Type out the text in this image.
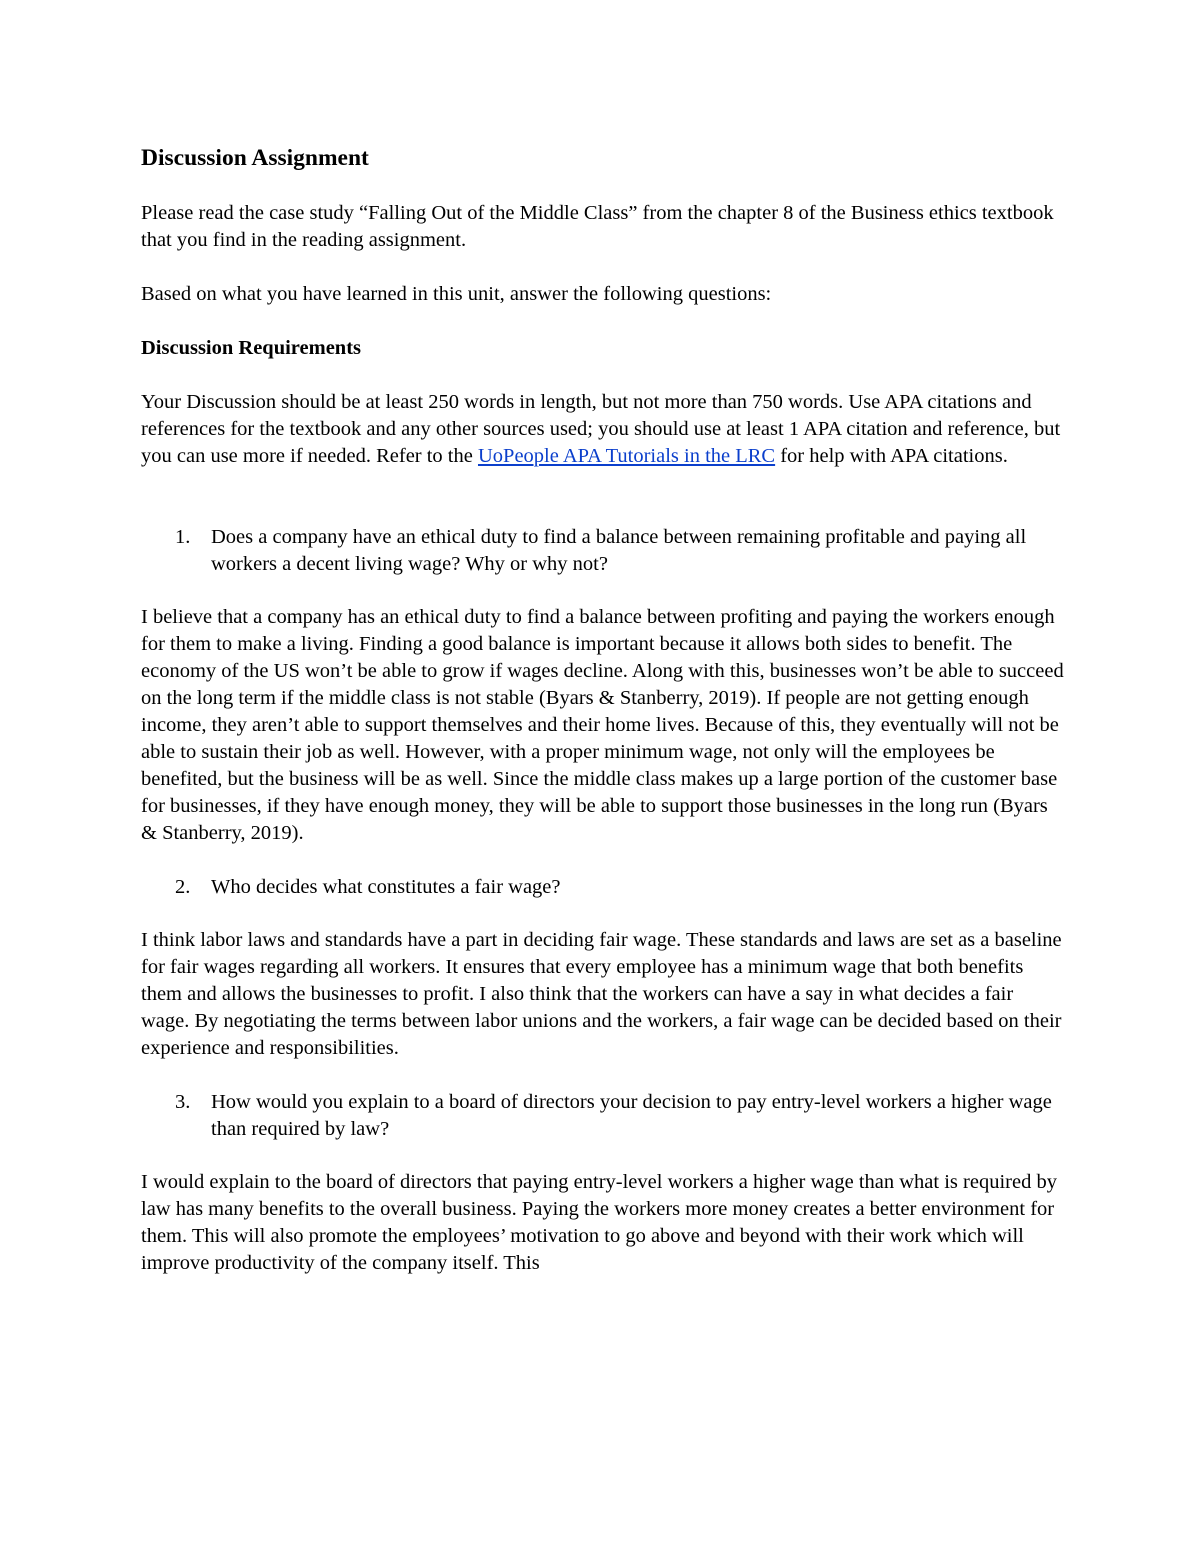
Discussion Assignment

Please read the case study “Falling Out of the Middle Class” from the chapter 8 of the Business ethics textbook that you find in the reading assignment.

Based on what you have learned in this unit, answer the following questions:

Discussion Requirements

Your Discussion should be at least 250 words in length, but not more than 750 words. Use APA citations and references for the textbook and any other sources used; you should use at least 1 APA citation and reference, but you can use more if needed. Refer to the UoPeople APA Tutorials in the LRC for help with APA citations.

1. Does a company have an ethical duty to find a balance between remaining profitable and paying all workers a decent living wage? Why or why not?

I believe that a company has an ethical duty to find a balance between profiting and paying the workers enough for them to make a living. Finding a good balance is important because it allows both sides to benefit. The economy of the US won’t be able to grow if wages decline. Along with this, businesses won’t be able to succeed on the long term if the middle class is not stable (Byars & Stanberry, 2019). If people are not getting enough income, they aren’t able to support themselves and their home lives. Because of this, they eventually will not be able to sustain their job as well. However, with a proper minimum wage, not only will the employees be benefited, but the business will be as well. Since the middle class makes up a large portion of the customer base for businesses, if they have enough money, they will be able to support those businesses in the long run (Byars & Stanberry, 2019).

2. Who decides what constitutes a fair wage?

I think labor laws and standards have a part in deciding fair wage. These standards and laws are set as a baseline for fair wages regarding all workers. It ensures that every employee has a minimum wage that both benefits them and allows the businesses to profit. I also think that the workers can have a say in what decides a fair wage. By negotiating the terms between labor unions and the workers, a fair wage can be decided based on their experience and responsibilities.

3. How would you explain to a board of directors your decision to pay entry-level workers a higher wage than required by law?

I would explain to the board of directors that paying entry-level workers a higher wage than what is required by law has many benefits to the overall business. Paying the workers more money creates a better environment for them. This will also promote the employees’ motivation to go above and beyond with their work which will improve productivity of the company itself. This
